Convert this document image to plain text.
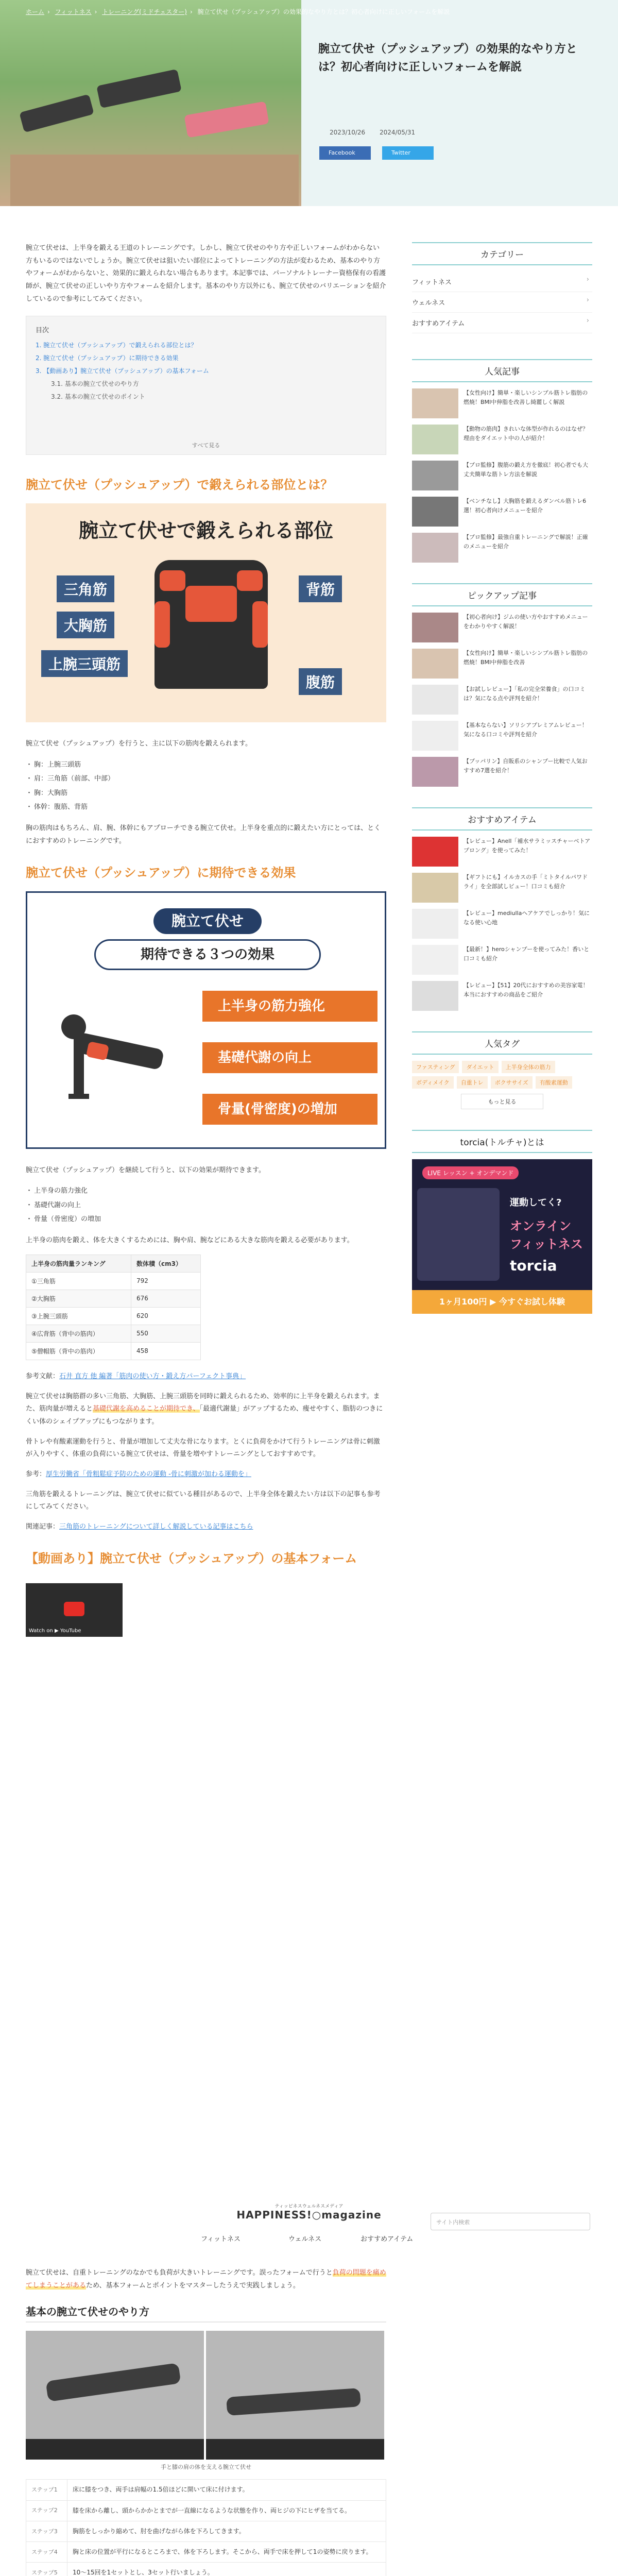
ホーム › フィットネス › トレーニング(ミドチェスター) › 腕立て伏せ（プッシュアップ）の効果的なやり方とは？初心者向けに正しいフォームを解説
腕立て伏せ（プッシュアップ）の効果的なやり方とは？初心者向けに正しいフォームを解説
2023/10/26 2024/05/31
Facebook	Twitter

腕立て伏せは、上半身を鍛える王道のトレーニングです。しかし、腕立て伏せのやり方や正しいフォームがわからない方もいるのではないでしょうか。腕立て伏せは狙いたい部位によってトレーニングの方法が変わるため、基本のやり方やフォームがわからないと、効果的に鍛えられない場合もあります。本記事では、パーソナルトレーナー資格保有の看護師が、腕立て伏せの正しいやり方やフォームを紹介します。基本のやり方以外にも、腕立て伏せのバリエーションを紹介しているので参考にしてみてください。

目次
1. 腕立て伏せ（プッシュアップ）で鍛えられる部位とは？
2. 腕立て伏せ（プッシュアップ）に期待できる効果
3. 【動画あり】腕立て伏せ（プッシュアップ）の基本フォーム
3.1. 基本の腕立て伏せのやり方
3.2. 基本の腕立て伏せのポイント
すべて見る
腕立て伏せ（プッシュアップ）で鍛えられる部位とは？
腕立て伏せで鍛えられる部位
三角筋	背筋
大胸筋
上腕三頭筋
腹筋

腕立て伏せ（プッシュアップ）を行うと、主に以下の筋肉を鍛えられます。

・ 胸：上腕三頭筋
・ 肩：三角筋（前部、中部）
・ 胸：大胸筋
・ 体幹：腹筋、背筋

胸の筋肉はもちろん、肩、腕、体幹にもアプローチできる腕立て伏せ。上半身を重点的に鍛えたい方にとっては、とくにおすすめのトレーニングです。

腕立て伏せ（プッシュアップ）に期待できる効果
腕立て伏せ
期待できる３つの効果
上半身の筋力強化
基礎代謝の向上
骨量(骨密度)の増加

腕立て伏せ（プッシュアップ）を継続して行うと、以下の効果が期待できます。

・ 上半身の筋力強化
・ 基礎代謝の向上
・ 骨量（骨密度）の増加

上半身の筋肉を鍛え、体を大きくするためには、胸や肩、腕などにある大きな筋肉を鍛える必要があります。

上半身の筋肉量ランキング	数体積（cm3）
①三角筋	792
②大胸筋	676
③上腕三頭筋	620
④広背筋（背中の筋肉）	550
⑤僧帽筋（背中の筋肉）	458

参考文献：石井 直方 他 編著「筋肉の使い方・鍛え方パーフェクト事典」

腕立て伏せは胸筋群の多い三角筋、大胸筋、上腕三頭筋を同時に鍛えられるため、効率的に上半身を鍛えられます。また、筋肉量が増えると基礎代謝を高めることが期待でき、「最適代謝量」がアップするため、痩せやすく、脂肪のつきにくい体のシェイプアップにもつながります。

骨トレや有酸素運動を行うと、骨量が増加して丈夫な骨になります。とくに負荷をかけて行うトレーニングは骨に刺激が入りやすく、体重の負荷にいる腕立て伏せは、骨量を増やすトレーニングとしておすすめです。

参考：厚生労働省「骨粗鬆症予防のための運動 -骨に刺激が加わる運動を」

三角筋を鍛えるトレーニングは、腕立て伏せに似ている種目があるので、上半身全体を鍛えたい方は以下の記事も参考にしてみてください。

関連記事：三角筋のトレーニングについて詳しく解説している記事はこちら

【動画あり】腕立て伏せ（プッシュアップ）の基本フォーム
Watch on ▶ YouTube
カテゴリー
フィットネス ›
ウェルネス ›
おすすめアイテム ›
人気記事
【女性向け】簡単・楽しいシンプル筋トレ脂肪の燃焼！BMI中伸脂を改善し綺麗しく解説
【動物の筋肉】きれいな体型が作れるのはなぜ？理由をダイエット中の人が紹介！
【プロ監修】腹筋の鍛え方を徹底！初心者でも大丈夫簡単な筋トレ方法を解説
【ベンチなし】大胸筋を鍛えるダンベル筋トレ6選！初心者向けメニューを紹介
【プロ監修】最強自重トレーニングで解説！正確のメニューを紹介
ピックアップ記事
【初心者向け】ジムの使い方やおすすめメニューをわかりやすく解説！
【女性向け】簡単・楽しいシンプル筋トレ脂肪の燃焼！BMI中伸脂を改善
【お試しレビュー】「私の完全栄養食」の口コミは？気になる点や評判を紹介！
【基本ならない】ソリシアプレミアムレビュー！気になる口コミや評判を紹介
【プッパリン】自販系のシャンプー比較で人気おすすめ7選を紹介！
おすすめアイテム
【レビュー】Anell「補水サラミッスチャーベトアプロング」を使ってみた！
【ギフトにも】イルカスの手「ミトタイルパワドライ」を全部試しビュー！口コミも紹介
【レビュー】mediullaヘアケアでしっかり！気になる使い心地
【最新！】heroシャンプーを使ってみた！香いと口コミも紹介
【レビュー】【51】20代におすすめの美容家電！本当におすすめの商品をご紹介
人気タグ
ファスティング	ダイエット	上半身全体の筋力
ボディメイク	自重トレ	ボクササイズ	有酸素運動
もっと見る
torcia(トルチャ)とは
LIVE レッスン + オンデマンド
運動してく?
オンライン
フィットネス
torcia
1ヶ月100円 ▶ 今すぐお試し体験
ティッピネスウェルネスメディア
HAPPINESS!○magazine
フィットネス	ウェルネス	おすすめアイテム
サイト内検索

腕立て伏せは、自重トレーニングのなかでも負荷が大きいトレーニングです。誤ったフォームで行うと負荷の問題を痛めてしまうことがあるため、基本フォームとポイントをマスターしたうえで実践しましょう。

基本の腕立て伏せのやり方
手と膝の肩の体を支える腕立て伏せ
ステップ1	床に膝をつき、両手は肩幅の1.5倍ほどに開いて床に付けます。
ステップ2	膝を床から離し、頭からかかとまでが一直線になるような状態を作り、両ヒジの下にヒザを当てる。
ステップ3	胸筋をしっかり縮めて、肘を曲げながら体を下ろしてきます。
ステップ4	胸と床の位置が平行になるところまで、体を下ろします。そこから、両手で床を押して1の姿勢に戻ります。
ステップ5	10〜15回を1セットとし、3セット行いましょう。
